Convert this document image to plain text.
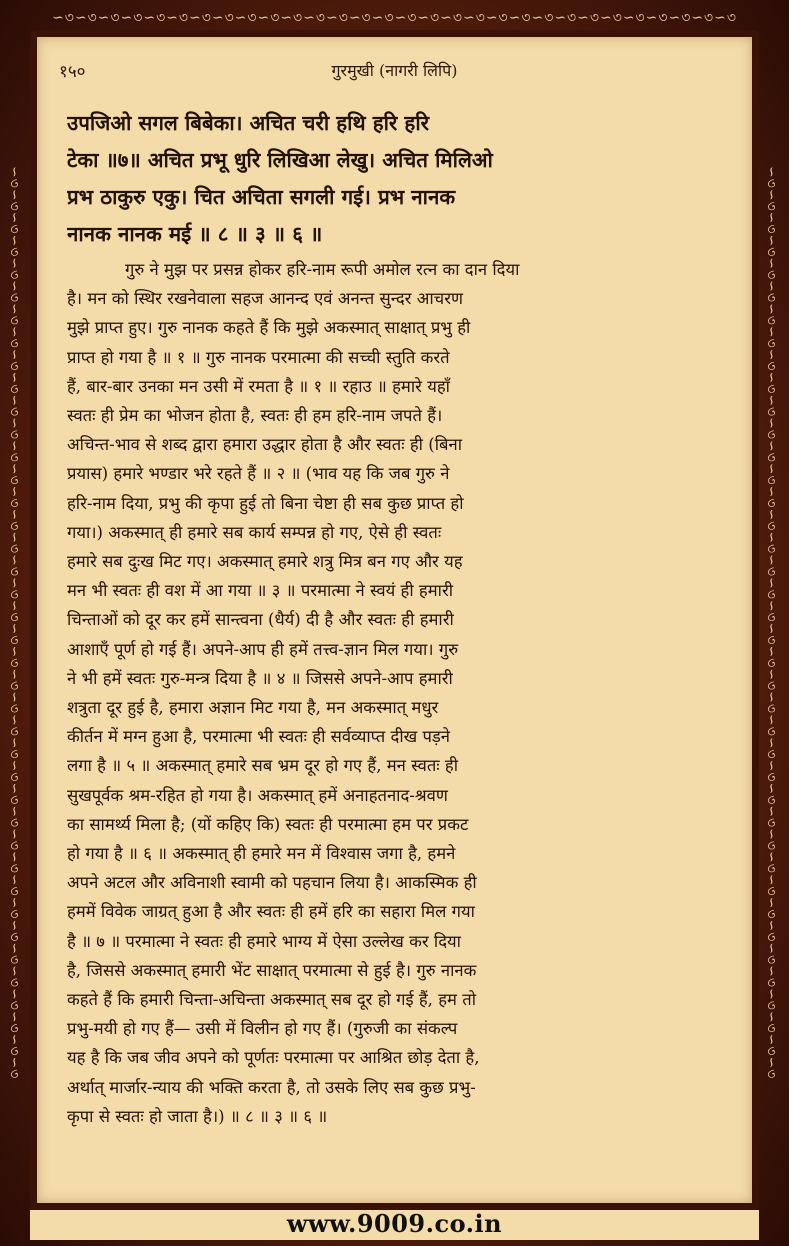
∽৩∽৩∽৩∽৩∽৩∽৩∽৩∽৩∽৩∽৩∽৩∽৩∽৩∽৩∽৩∽৩∽৩∽৩∽৩∽৩∽৩∽৩∽৩∽৩∽৩∽৩∽৩∽৩∽৩∽৩
∽৩∽৩∽৩∽৩∽৩∽৩∽৩∽৩∽৩∽৩∽৩∽৩∽৩∽৩∽৩∽৩∽৩∽৩∽৩∽৩∽৩∽৩∽৩∽৩∽৩∽৩∽৩∽৩∽৩∽৩∽৩∽৩∽৩∽৩∽৩∽৩∽৩∽৩∽৩∽৩	∽৩∽৩∽৩∽৩∽৩∽৩∽৩∽৩∽৩∽৩∽৩∽৩∽৩∽৩∽৩∽৩∽৩∽৩∽৩∽৩∽৩∽৩∽৩∽৩∽৩∽৩∽৩∽৩∽৩∽৩∽৩∽৩∽৩∽৩∽৩∽৩∽৩∽৩∽৩∽৩
१५०	गुरमुखी (नागरी लिपि)
उपजिओ सगल बिबेका। अचित चरी हथि हरि हरि
टेका ॥७॥ अचित प्रभू धुरि लिखिआ लेखु। अचित मिलिओ
प्रभ ठाकुरु एकु। चित अचिता सगली गई। प्रभ नानक
नानक नानक मई ॥ ८ ॥ ३ ॥ ६ ॥
गुरु ने मुझ पर प्रसन्न होकर हरि-नाम रूपी अमोल रत्न का दान दिया
है। मन को स्थिर रखनेवाला सहज आनन्द एवं अनन्त सुन्दर आचरण
मुझे प्राप्त हुए। गुरु नानक कहते हैं कि मुझे अकस्मात् साक्षात् प्रभु ही
प्राप्त हो गया है ॥ १ ॥ गुरु नानक परमात्मा की सच्ची स्तुति करते
हैं, बार-बार उनका मन उसी में रमता है ॥ १ ॥ रहाउ ॥ हमारे यहाँ
स्वतः ही प्रेम का भोजन होता है, स्वतः ही हम हरि-नाम जपते हैं।
अचिन्त-भाव से शब्द द्वारा हमारा उद्धार होता है और स्वतः ही (बिना
प्रयास) हमारे भण्डार भरे रहते हैं ॥ २ ॥ (भाव यह कि जब गुरु ने
हरि-नाम दिया, प्रभु की कृपा हुई तो बिना चेष्टा ही सब कुछ प्राप्त हो
गया।) अकस्मात् ही हमारे सब कार्य सम्पन्न हो गए, ऐसे ही स्वतः
हमारे सब दुःख मिट गए। अकस्मात् हमारे शत्रु मित्र बन गए और यह
मन भी स्वतः ही वश में आ गया ॥ ३ ॥ परमात्मा ने स्वयं ही हमारी
चिन्ताओं को दूर कर हमें सान्त्वना (धैर्य) दी है और स्वतः ही हमारी
आशाएँ पूर्ण हो गई हैं। अपने-आप ही हमें तत्त्व-ज्ञान मिल गया। गुरु
ने भी हमें स्वतः गुरु-मन्त्र दिया है ॥ ४ ॥ जिससे अपने-आप हमारी
शत्रुता दूर हुई है, हमारा अज्ञान मिट गया है, मन अकस्मात् मधुर
कीर्तन में मग्न हुआ है, परमात्मा भी स्वतः ही सर्वव्याप्त दीख पड़ने
लगा है ॥ ५ ॥ अकस्मात् हमारे सब भ्रम दूर हो गए हैं, मन स्वतः ही
सुखपूर्वक श्रम-रहित हो गया है। अकस्मात् हमें अनाहतनाद-श्रवण
का सामर्थ्य मिला है; (यों कहिए कि) स्वतः ही परमात्मा हम पर प्रकट
हो गया है ॥ ६ ॥ अकस्मात् ही हमारे मन में विश्वास जगा है, हमने
अपने अटल और अविनाशी स्वामी को पहचान लिया है। आकस्मिक ही
हममें विवेक जाग्रत् हुआ है और स्वतः ही हमें हरि का सहारा मिल गया
है ॥ ७ ॥ परमात्मा ने स्वतः ही हमारे भाग्य में ऐसा उल्लेख कर दिया
है, जिससे अकस्मात् हमारी भेंट साक्षात् परमात्मा से हुई है। गुरु नानक
कहते हैं कि हमारी चिन्ता-अचिन्ता अकस्मात् सब दूर हो गई हैं, हम तो
प्रभु-मयी हो गए हैं— उसी में विलीन हो गए हैं। (गुरुजी का संकल्प
यह है कि जब जीव अपने को पूर्णतः परमात्मा पर आश्रित छोड़ देता है,
अर्थात् मार्जार-न्याय की भक्ति करता है, तो उसके लिए सब कुछ प्रभु-
कृपा से स्वतः हो जाता है।) ॥ ८ ॥ ३ ॥ ६ ॥
www.9009.co.in
